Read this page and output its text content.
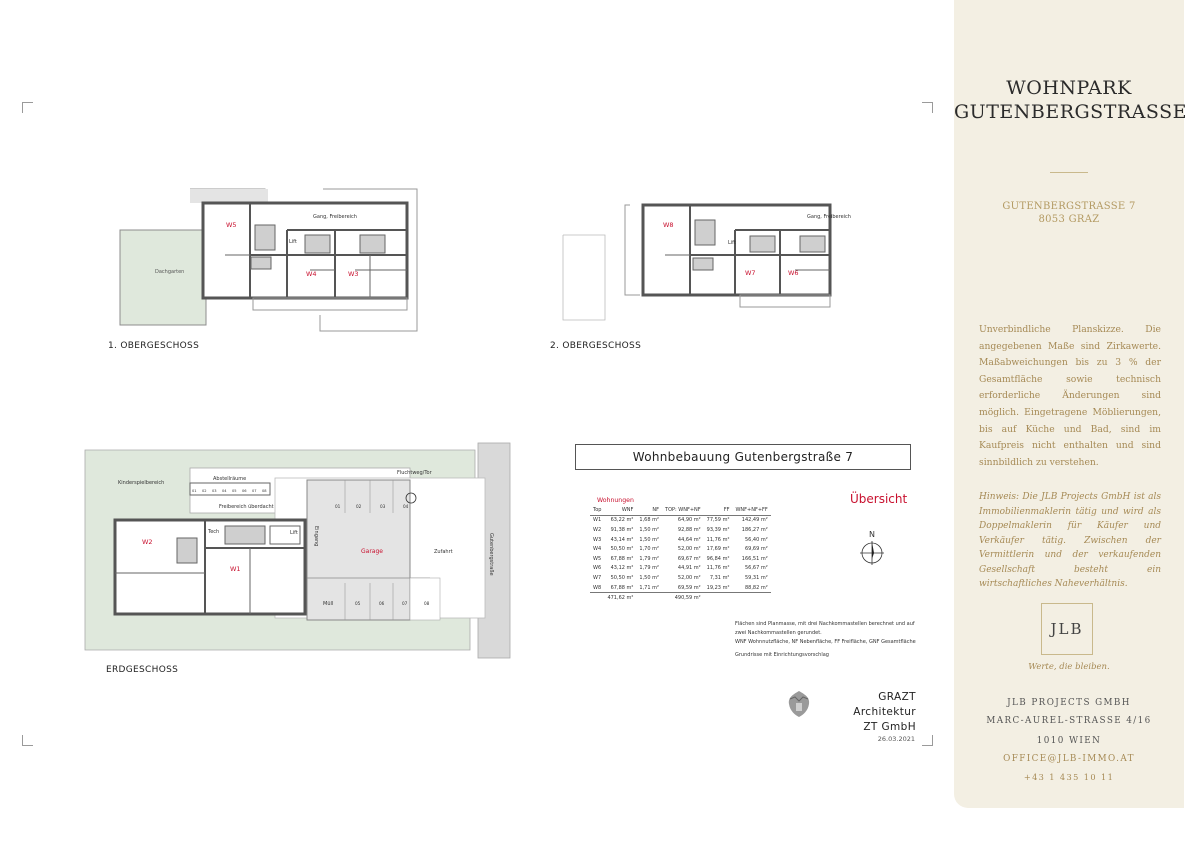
Dachgarten
W5
W4	W3
Lift
Gang, Freibereich
1. OBERGESCHOSS
W8
W7	W6
Lift
Gang, Freibereich
2. OBERGESCHOSS
Gutenbergstraße
W2
W1
Tech	Lift
Kinderspielbereich
Abstellräume
Freibereich überdacht
Fluchtweg/Tor
Garage	Zufahrt
Eingang
Müll
01 02 03 04 05 06 07 08
01	02	03	04
05	06	07	08
ERDGESCHOSS
Wohnbebauung Gutenbergstraße 7
Übersicht
Wohnungen
Top	WNF	NF	TOP: WNF+NF	FF	WNF+NF+FF
W1	63,22 m²	1,68 m²	64,90 m²	77,59 m²	142,49 m²
W2	91,38 m²	1,50 m²	92,88 m²	93,39 m²	186,27 m²
W3	43,14 m²	1,50 m²	44,64 m²	11,76 m²	56,40 m²
W4	50,50 m²	1,70 m²	52,00 m²	17,69 m²	69,69 m²
W5	67,88 m²	1,79 m²	69,67 m²	96,84 m²	166,51 m²
W6	43,12 m²	1,79 m²	44,91 m²	11,76 m²	56,67 m²
W7	50,50 m²	1,50 m²	52,00 m²	7,31 m²	59,31 m²
W8	67,88 m²	1,71 m²	69,59 m²	19,23 m²	88,82 m²
	471,62 m²		490,59 m²		
N
Flächen sind Planmasse, mit drei Nachkommastellen berechnet und auf zwei Nachkommastellen gerundet.
WNF Wohnnutzfläche, NF Nebenfläche, FF Freifläche, GNF Gesamtfläche
Grundrisse mit Einrichtungsvorschlag
GRAZT Architektur
ZT GmbH
26.03.2021
WOHNPARK
GUTENBERGSTRASSE
GUTENBERGSTRASSE 7
8053 GRAZ
Unverbindliche Planskizze. Die angegebenen Maße sind Zirkawerte. Maßabweichungen bis zu 3 % der Gesamtfläche sowie technisch erforderliche Änderungen sind möglich. Eingetragene Möblierungen, bis auf Küche und Bad, sind im Kaufpreis nicht enthalten und sind sinnbildlich zu verstehen.
Hinweis: Die JLB Projects GmbH ist als Immobilienmaklerin tätig und wird als Doppelmaklerin für Käufer und Verkäufer tätig. Zwischen der Vermittlerin und der verkaufenden Gesellschaft besteht ein wirtschaftliches Naheverhältnis.
JLB
Werte, die bleiben.
JLB PROJECTS GMBH
MARC-AUREL-STRASSE 4/16
1010 WIEN
OFFICE@JLB-IMMO.AT
+43 1 435 10 11
